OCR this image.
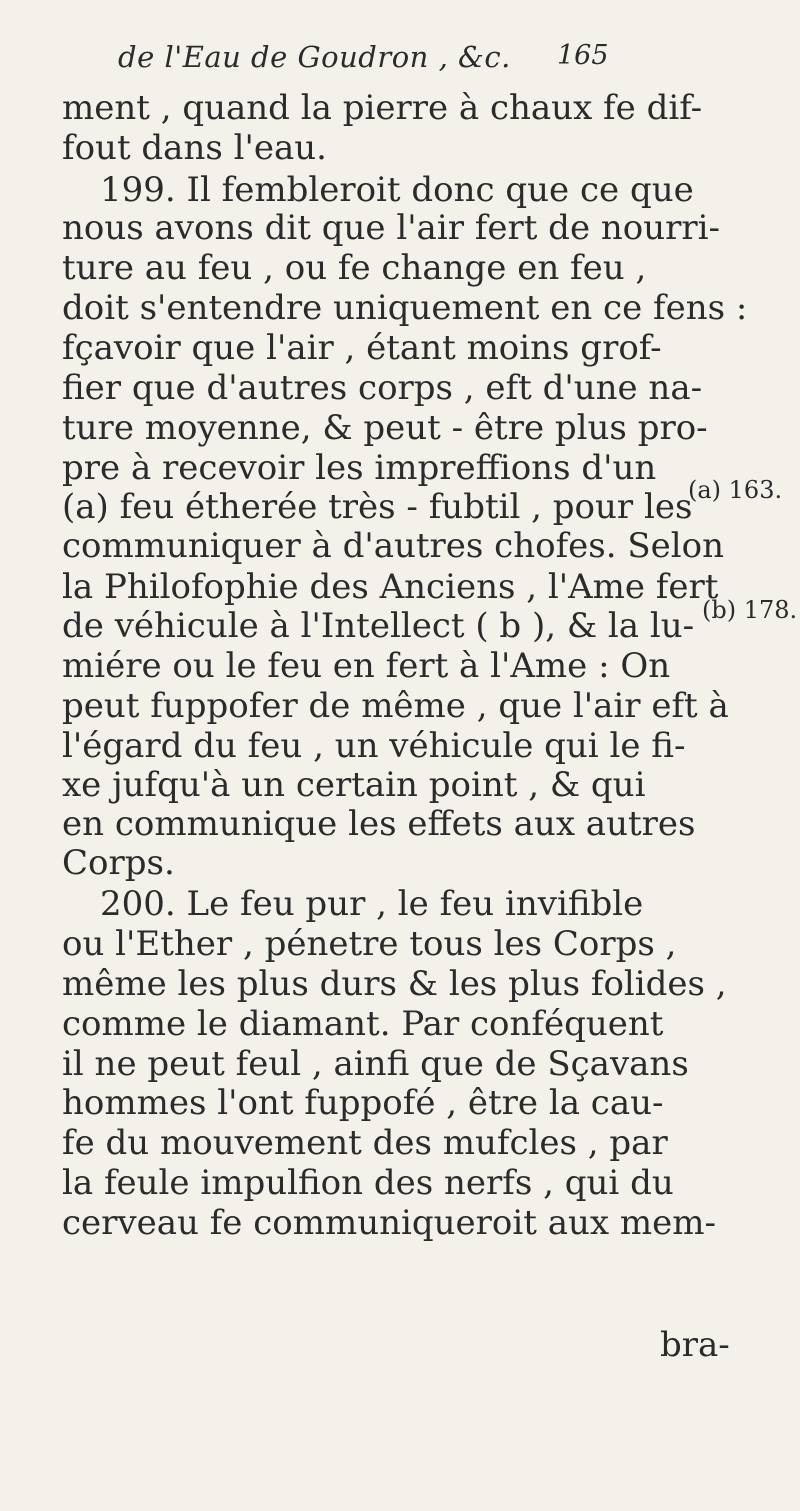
de l'Eau de Goudron , &c. 165
ment , quand la pierre à chaux fe dif-
fout dans l'eau.
199. Il fembleroit donc que ce que
nous avons dit que l'air fert de nourri-
ture au feu , ou fe change en feu ,
doit s'entendre uniquement en ce fens :
fçavoir que l'air , étant moins grof-
fier que d'autres corps , eft d'une na-
ture moyenne, & peut - être plus pro-
pre à recevoir les impreffions d'un
(a) feu étherée très - fubtil , pour les
communiquer à d'autres chofes. Selon
la Philofophie des Anciens , l'Ame fert
de véhicule à l'Intellect ( b ), & la lu-
miére ou le feu en fert à l'Ame : On
peut fuppofer de même , que l'air eft à
l'égard du feu , un véhicule qui le fi-
xe jufqu'à un certain point , & qui
en communique les effets aux autres
Corps.
200. Le feu pur , le feu invifible
ou l'Ether , pénetre tous les Corps ,
même les plus durs & les plus folides ,
comme le diamant. Par conféquent
il ne peut feul , ainfi que de Sçavans
hommes l'ont fuppofé , être la cau-
fe du mouvement des mufcles , par
la feule impulfion des nerfs , qui du
cerveau fe communiqueroit aux mem-
(a) 163.
(b) 178.
bra-
